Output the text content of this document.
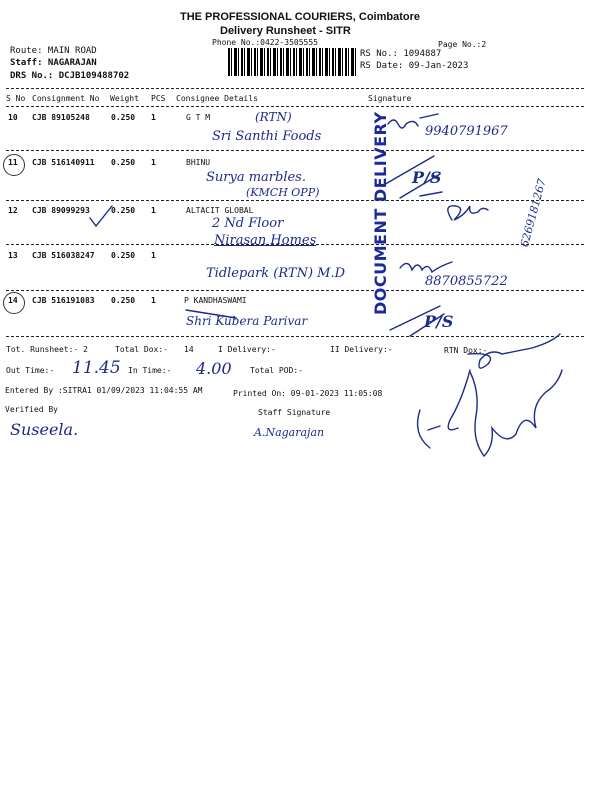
THE PROFESSIONAL COURIERS, Coimbatore
Delivery Runsheet - SITR
Phone No.:0422-3505555	Page No.:2
Route: MAIN ROAD
Staff: NAGARAJAN
DRS No.: DCJB109488702
RS No.: 1094887
RS Date: 09-Jan-2023
S No Consignment No Weight PCS Consignee Details	Signature
10 CJB 89105248	0.250 1	G T M	(RTN)
Sri Santhi Foods	9940791967
11 CJB 516140911 0.250 1	BHINU
Surya marbles.
(KMCH OPP)
P/S
12 CJB 89099293	0.250 1	ALTACIT GLOBAL
2 Nd Floor
Nirasan Homes	6269181267
13 CJB 516038247 0.250 1
Tidlepark (RTN) M.D
8870855722
14 CJB 516191083 0.250 1	P KANDHASWAMI
Shri Kubera Parivar	P/S
DOCUMENT DELIVERY
Tot. Runsheet:- 2	Total Dox:- 14	I Delivery:-	II Delivery:-	RTN Dox:-
Out Time:- 11.45 In Time:- 4.00 Total POD:-
Entered By :SITRA1 01/09/2023 11:04:55 AM	Printed On: 09-01-2023 11:05:08
Verified By
Suseela.
Staff Signature
A.Nagarajan
